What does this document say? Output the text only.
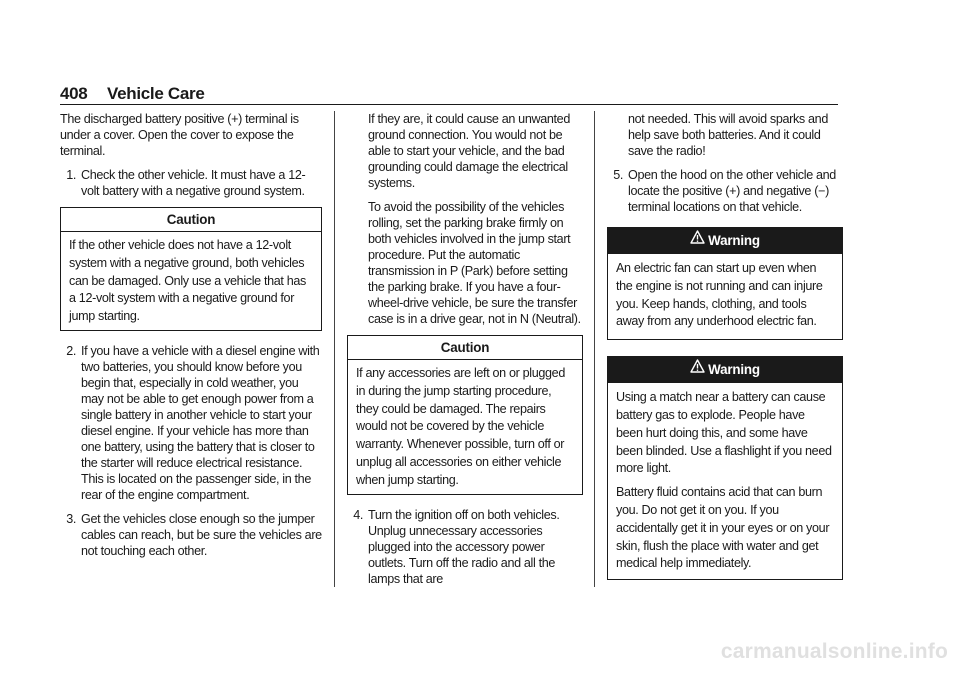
408 Vehicle Care

The discharged battery positive (+) terminal is under a cover. Open the cover to expose the terminal.

1. Check the other vehicle. It must have a 12-volt battery with a negative ground system.
Caution
If the other vehicle does not have a 12-volt system with a negative ground, both vehicles can be damaged. Only use a vehicle that has a 12-volt system with a negative ground for jump starting.
2. If you have a vehicle with a diesel engine with two batteries, you should know before you begin that, especially in cold weather, you may not be able to get enough power from a single battery in another vehicle to start your diesel engine. If your vehicle has more than one battery, using the battery that is closer to the starter will reduce electrical resistance. This is located on the passenger side, in the rear of the engine compartment.
3. Get the vehicles close enough so the jumper cables can reach, but be sure the vehicles are not touching each other.

If they are, it could cause an unwanted ground connection. You would not be able to start your vehicle, and the bad grounding could damage the electrical systems.

To avoid the possibility of the vehicles rolling, set the parking brake firmly on both vehicles involved in the jump start procedure. Put the automatic transmission in P (Park) before setting the parking brake. If you have a four-wheel-drive vehicle, be sure the transfer case is in a drive gear, not in N (Neutral).

Caution
If any accessories are left on or plugged in during the jump starting procedure, they could be damaged. The repairs would not be covered by the vehicle warranty. Whenever possible, turn off or unplug all accessories on either vehicle when jump starting.
4. Turn the ignition off on both vehicles. Unplug unnecessary accessories plugged into the accessory power outlets. Turn off the radio and all the lamps that are

not needed. This will avoid sparks and help save both batteries. And it could save the radio!

5. Open the hood on the other vehicle and locate the positive (+) and negative (−) terminal locations on that vehicle.
Warning
An electric fan can start up even when the engine is not running and can injure you. Keep hands, clothing, and tools away from any underhood electric fan.
Warning

Using a match near a battery can cause battery gas to explode. People have been hurt doing this, and some have been blinded. Use a flashlight if you need more light.

Battery fluid contains acid that can burn you. Do not get it on you. If you accidentally get it in your eyes or on your skin, flush the place with water and get medical help immediately.

carmanualsonline.info
